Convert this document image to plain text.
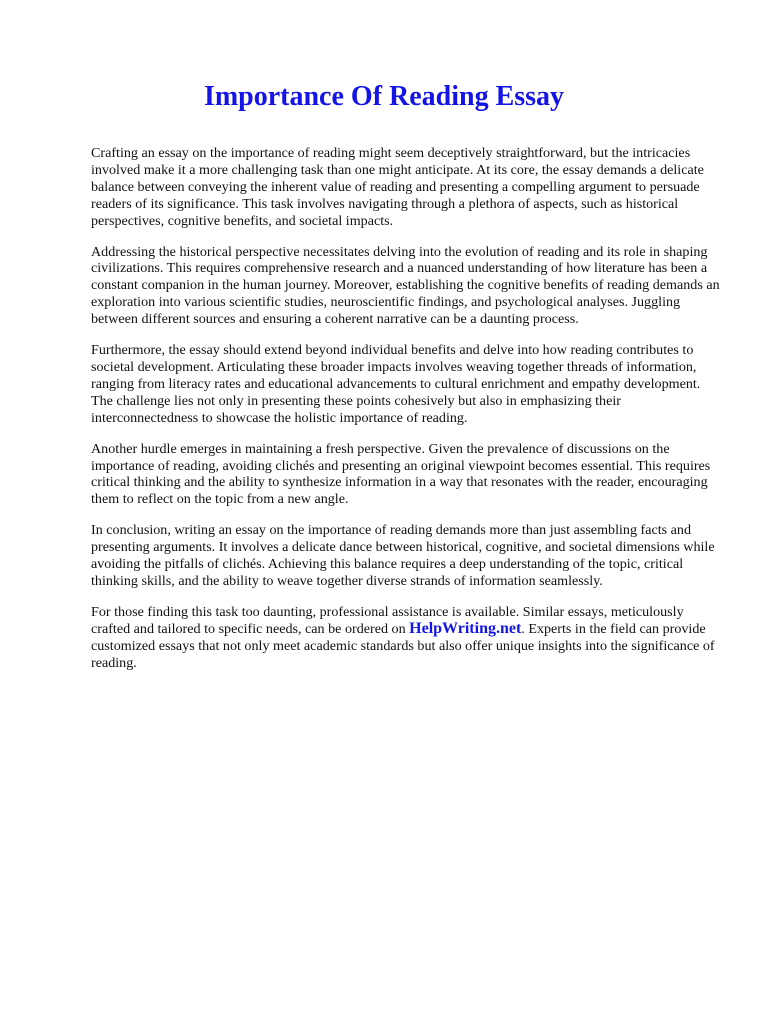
Importance Of Reading Essay

Crafting an essay on the importance of reading might seem deceptively straightforward, but the intricacies involved make it a more challenging task than one might anticipate. At its core, the essay demands a delicate balance between conveying the inherent value of reading and presenting a compelling argument to persuade readers of its significance. This task involves navigating through a plethora of aspects, such as historical perspectives, cognitive benefits, and societal impacts.

Addressing the historical perspective necessitates delving into the evolution of reading and its role in shaping civilizations. This requires comprehensive research and a nuanced understanding of how literature has been a constant companion in the human journey. Moreover, establishing the cognitive benefits of reading demands an exploration into various scientific studies, neuroscientific findings, and psychological analyses. Juggling between different sources and ensuring a coherent narrative can be a daunting process.

Furthermore, the essay should extend beyond individual benefits and delve into how reading contributes to societal development. Articulating these broader impacts involves weaving together threads of information, ranging from literacy rates and educational advancements to cultural enrichment and empathy development. The challenge lies not only in presenting these points cohesively but also in emphasizing their interconnectedness to showcase the holistic importance of reading.

Another hurdle emerges in maintaining a fresh perspective. Given the prevalence of discussions on the importance of reading, avoiding clichés and presenting an original viewpoint becomes essential. This requires critical thinking and the ability to synthesize information in a way that resonates with the reader, encouraging them to reflect on the topic from a new angle.

In conclusion, writing an essay on the importance of reading demands more than just assembling facts and presenting arguments. It involves a delicate dance between historical, cognitive, and societal dimensions while avoiding the pitfalls of clichés. Achieving this balance requires a deep understanding of the topic, critical thinking skills, and the ability to weave together diverse strands of information seamlessly.

For those finding this task too daunting, professional assistance is available. Similar essays, meticulously crafted and tailored to specific needs, can be ordered on HelpWriting.net. Experts in the field can provide customized essays that not only meet academic standards but also offer unique insights into the significance of reading.
